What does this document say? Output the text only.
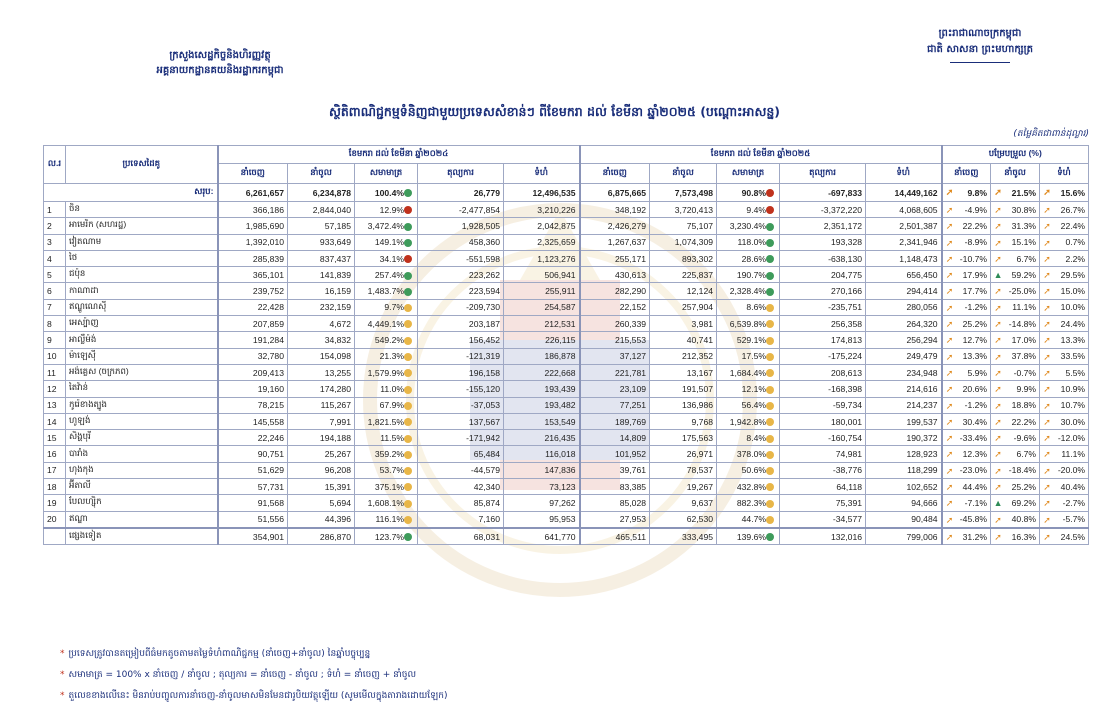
ក្រសួងសេដ្ឋកិច្ចនិងហិរញ្ញវត្ថុ
អគ្គនាយកដ្ឋានគយនិងរដ្ឋាករកម្ពុជា
ព្រះរាជាណាចក្រកម្ពុជា
ជាតិ សាសនា ព្រះមហាក្សត្រ
ស្ថិតិពាណិជ្ជកម្មទំនិញជាមួយប្រទេសសំខាន់ៗ ពីខែមករា ដល់ ខែមីនា ឆ្នាំ២០២៥ (បណ្ដោះអាសន្ន)
(តម្លៃគិតជាពាន់ដុល្លារ)
ល.រ	ប្រទេសដៃគូ	ខែមករា ដល់ ខែមីនា ឆ្នាំ២០២៤					ខែមករា ដល់ ខែមីនា ឆ្នាំ២០២៥					បម្រែបម្រួល (%)		
		នាំចេញ	នាំចូល	សមាមាត្រ	តុល្យការ	ទំហំ	នាំចេញ	នាំចូល	សមាមាត្រ	តុល្យការ	ទំហំ	នាំចេញ	នាំចូល	ទំហំ
សរុប:		6,261,657	6,234,878	100.4%	26,779	12,496,535	6,875,665	7,573,498	90.8%	-697,833	14,449,162	➚ 9.8%	➚ 21.5%	➚ 15.6%
1	ចិន	366,186	2,844,040	12.9%	-2,477,854	3,210,226	348,192	3,720,413	9.4%	-3,372,220	4,068,605	➚ -4.9%	➚ 30.8%	➚ 26.7%
2	អាមេរិក (សហរដ្ឋ)	1,985,690	57,185	3,472.4%	1,928,505	2,042,875	2,426,279	75,107	3,230.4%	2,351,172	2,501,387	➚ 22.2%	➚ 31.3%	➚ 22.4%
3	វៀតណាម	1,392,010	933,649	149.1%	458,360	2,325,659	1,267,637	1,074,309	118.0%	193,328	2,341,946	➚ -8.9%	➚ 15.1%	➚ 0.7%
4	ថៃ	285,839	837,437	34.1%	-551,598	1,123,276	255,171	893,302	28.6%	-638,130	1,148,473	➚ -10.7%	➚ 6.7%	➚ 2.2%
5	ជប៉ុន	365,101	141,839	257.4%	223,262	506,941	430,613	225,837	190.7%	204,775	656,450	➚ 17.9%	▲ 59.2%	➚ 29.5%
6	កាណាដា	239,752	16,159	1,483.7%	223,594	255,911	282,290	12,124	2,328.4%	270,166	294,414	➚ 17.7%	➚ -25.0%	➚ 15.0%
7	ឥណ្ឌូណេស៊ី	22,428	232,159	9.7%	-209,730	254,587	22,152	257,904	8.6%	-235,751	280,056	➚ -1.2%	➚ 11.1%	➚ 10.0%
8	អេស្ប៉ាញ	207,859	4,672	4,449.1%	203,187	212,531	260,339	3,981	6,539.8%	256,358	264,320	➚ 25.2%	➚ -14.8%	➚ 24.4%
9	អាល្លឺម៉ង់	191,284	34,832	549.2%	156,452	226,115	215,553	40,741	529.1%	174,813	256,294	➚ 12.7%	➚ 17.0%	➚ 13.3%
10	ម៉ាឡេស៊ី	32,780	154,098	21.3%	-121,319	186,878	37,127	212,352	17.5%	-175,224	249,479	➚ 13.3%	➚ 37.8%	➚ 33.5%
11	អង់គ្លេស (ចក្រភព)	209,413	13,255	1,579.9%	196,158	222,668	221,781	13,167	1,684.4%	208,613	234,948	➚ 5.9%	➚ -0.7%	➚ 5.5%
12	តៃវ៉ាន់	19,160	174,280	11.0%	-155,120	193,439	23,109	191,507	12.1%	-168,398	214,616	➚ 20.6%	➚ 9.9%	➚ 10.9%
13	កូរ៉េខាងត្បូង	78,215	115,267	67.9%	-37,053	193,482	77,251	136,986	56.4%	-59,734	214,237	➚ -1.2%	➚ 18.8%	➚ 10.7%
14	ហូឡង់	145,558	7,991	1,821.5%	137,567	153,549	189,769	9,768	1,942.8%	180,001	199,537	➚ 30.4%	➚ 22.2%	➚ 30.0%
15	សិង្ហបុរី	22,246	194,188	11.5%	-171,942	216,435	14,809	175,563	8.4%	-160,754	190,372	➚ -33.4%	➚ -9.6%	➚ -12.0%
16	បារាំង	90,751	25,267	359.2%	65,484	116,018	101,952	26,971	378.0%	74,981	128,923	➚ 12.3%	➚ 6.7%	➚ 11.1%
17	ហុងកុង	51,629	96,208	53.7%	-44,579	147,836	39,761	78,537	50.6%	-38,776	118,299	➚ -23.0%	➚ -18.4%	➚ -20.0%
18	អ៊ីតាលី	57,731	15,391	375.1%	42,340	73,123	83,385	19,267	432.8%	64,118	102,652	➚ 44.4%	➚ 25.2%	➚ 40.4%
19	បែលហ្ស៊ិក	91,568	5,694	1,608.1%	85,874	97,262	85,028	9,637	882.3%	75,391	94,666	➚ -7.1%	▲ 69.2%	➚ -2.7%
20	ឥណ្ឌា	51,556	44,396	116.1%	7,160	95,953	27,953	62,530	44.7%	-34,577	90,484	➚ -45.8%	➚ 40.8%	➚ -5.7%
	ផ្សេងទៀត	354,901	286,870	123.7%	68,031	641,770	465,511	333,495	139.6%	132,016	799,006	➚ 31.2%	➚ 16.3%	➚ 24.5%
* ប្រទេសត្រូវបានតម្រៀបពីធំមកតូចតាមតម្លៃទំហំពាណិជ្ជកម្ម (នាំចេញ+នាំចូល) នៃឆ្នាំបច្ចុប្បន្ន
* សមាមាត្រ = 100% x នាំចេញ / នាំចូល ; តុល្យការ = នាំចេញ - នាំចូល ; ទំហំ = នាំចេញ + នាំចូល
* តួលេខខាងលើនេះ មិនរាប់បញ្ចូលការនាំចេញ-នាំចូលមាសមិនមែនជារូបិយវត្ថុឡើយ (សូមមើលក្នុងតារាងដោយឡែក)
